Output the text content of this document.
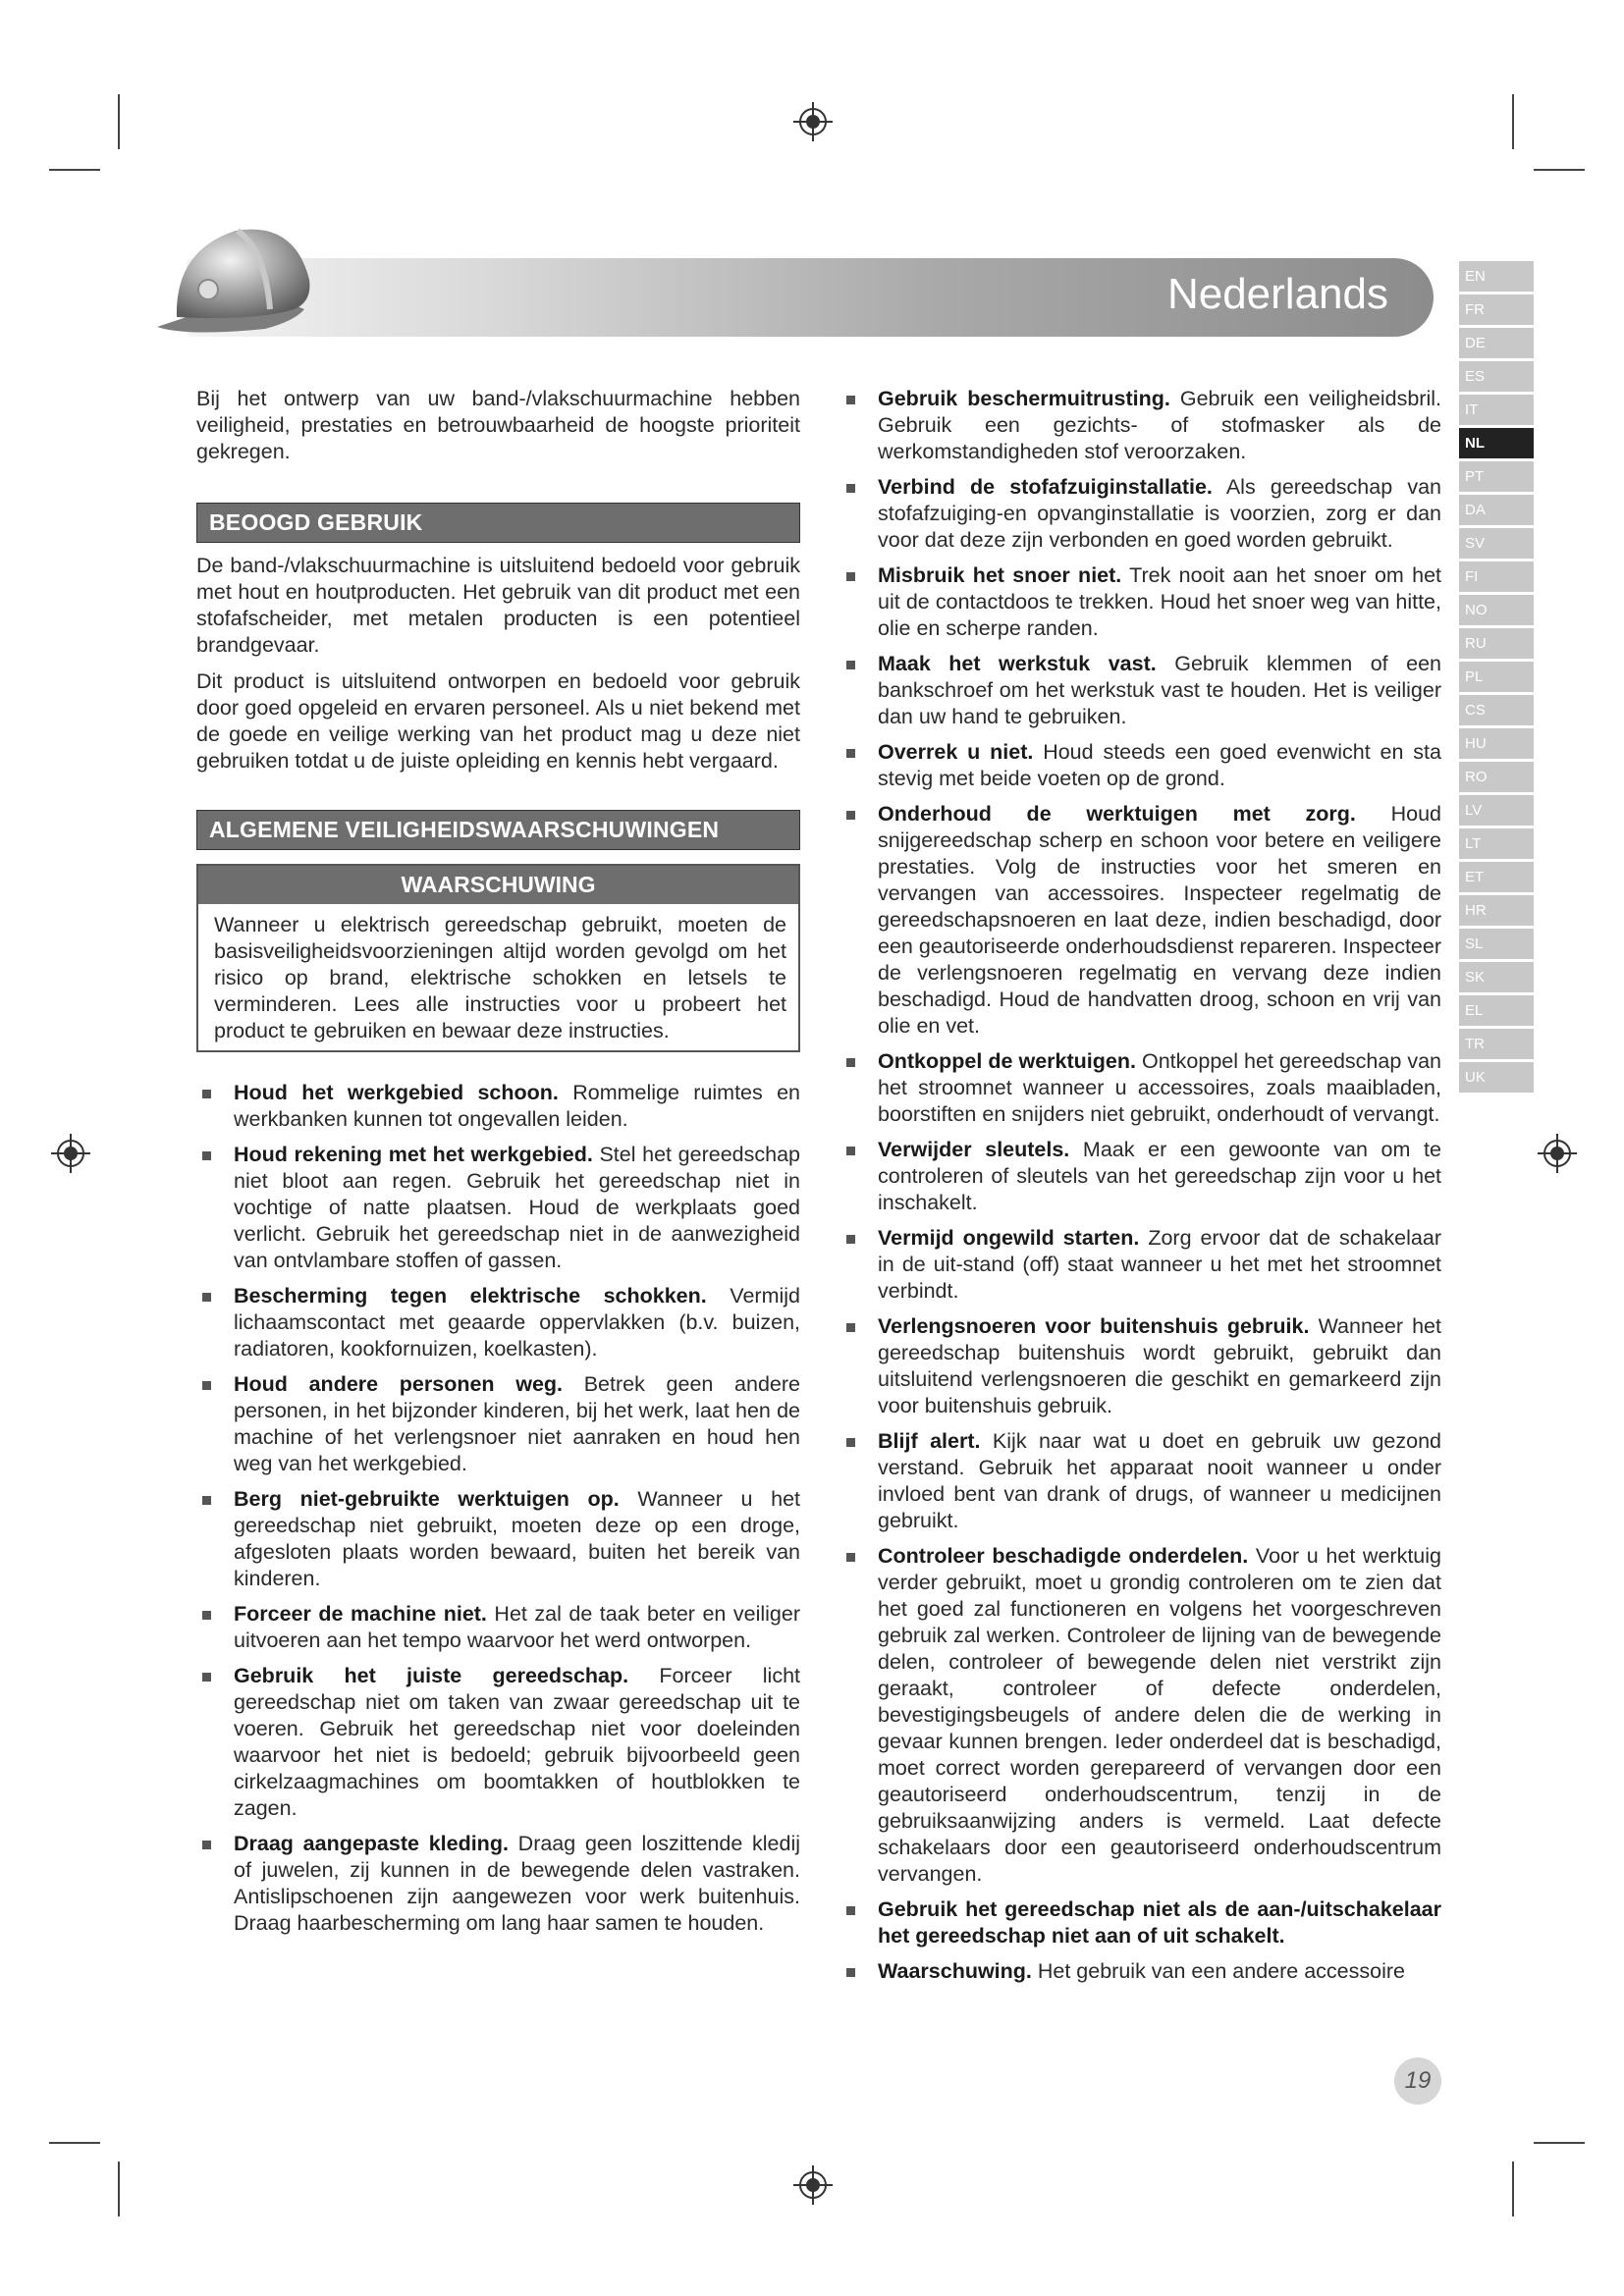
Nederlands	EN
FR
DE
ES
IT
NL
PT
DA
SV
FI
NO
RU
PL
CS
HU
RO
LV
LT
ET
HR
SL
SK
EL
TR
UK

Bij het ontwerp van uw band-/vlakschuurmachine hebben veiligheid, prestaties en betrouwbaarheid de hoogste prioriteit gekregen.

BEOOGD GEBRUIK

De band-/vlakschuurmachine is uitsluitend bedoeld voor gebruik met hout en houtproducten. Het gebruik van dit product met een stofafscheider, met metalen producten is een potentieel brandgevaar.

Dit product is uitsluitend ontworpen en bedoeld voor gebruik door goed opgeleid en ervaren personeel. Als u niet bekend met de goede en veilige werking van het product mag u deze niet gebruiken totdat u de juiste opleiding en kennis hebt vergaard.

ALGEMENE VEILIGHEIDSWAARSCHUWINGEN
WAARSCHUWING
Wanneer u elektrisch gereedschap gebruikt, moeten de basisveiligheidsvoorzieningen altijd worden gevolgd om het risico op brand, elektrische schokken en letsels te verminderen. Lees alle instructies voor u probeert het product te gebruiken en bewaar deze instructies.
Houd het werkgebied schoon. Rommelige ruimtes en werkbanken kunnen tot ongevallen leiden.
Houd rekening met het werkgebied. Stel het gereedschap niet bloot aan regen. Gebruik het gereedschap niet in vochtige of natte plaatsen. Houd de werkplaats goed verlicht. Gebruik het gereedschap niet in de aanwezigheid van ontvlambare stoffen of gassen.
Bescherming tegen elektrische schokken. Vermijd lichaamscontact met geaarde oppervlakken (b.v. buizen, radiatoren, kookfornuizen, koelkasten).
Houd andere personen weg. Betrek geen andere personen, in het bijzonder kinderen, bij het werk, laat hen de machine of het verlengsnoer niet aanraken en houd hen weg van het werkgebied.
Berg niet-gebruikte werktuigen op. Wanneer u het gereedschap niet gebruikt, moeten deze op een droge, afgesloten plaats worden bewaard, buiten het bereik van kinderen.
Forceer de machine niet. Het zal de taak beter en veiliger uitvoeren aan het tempo waarvoor het werd ontworpen.
Gebruik het juiste gereedschap. Forceer licht gereedschap niet om taken van zwaar gereedschap uit te voeren. Gebruik het gereedschap niet voor doeleinden waarvoor het niet is bedoeld; gebruik bijvoorbeeld geen cirkelzaagmachines om boomtakken of houtblokken te zagen.
Draag aangepaste kleding. Draag geen loszittende kledij of juwelen, zij kunnen in de bewegende delen vastraken. Antislipschoenen zijn aangewezen voor werk buitenhuis. Draag haarbescherming om lang haar samen te houden.
Gebruik beschermuitrusting. Gebruik een veiligheidsbril. Gebruik een gezichts- of stofmasker als de werkomstandigheden stof veroorzaken.
Verbind de stofafzuiginstallatie. Als gereedschap van stofafzuiging-en opvanginstallatie is voorzien, zorg er dan voor dat deze zijn verbonden en goed worden gebruikt.
Misbruik het snoer niet. Trek nooit aan het snoer om het uit de contactdoos te trekken. Houd het snoer weg van hitte, olie en scherpe randen.
Maak het werkstuk vast. Gebruik klemmen of een bankschroef om het werkstuk vast te houden. Het is veiliger dan uw hand te gebruiken.
Overrek u niet. Houd steeds een goed evenwicht en sta stevig met beide voeten op de grond.
Onderhoud de werktuigen met zorg. Houd snijgereedschap scherp en schoon voor betere en veiligere prestaties. Volg de instructies voor het smeren en vervangen van accessoires. Inspecteer regelmatig de gereedschapsnoeren en laat deze, indien beschadigd, door een geautoriseerde onderhoudsdienst repareren. Inspecteer de verlengsnoeren regelmatig en vervang deze indien beschadigd. Houd de handvatten droog, schoon en vrij van olie en vet.
Ontkoppel de werktuigen. Ontkoppel het gereedschap van het stroomnet wanneer u accessoires, zoals maaibladen, boorstiften en snijders niet gebruikt, onderhoudt of vervangt.
Verwijder sleutels. Maak er een gewoonte van om te controleren of sleutels van het gereedschap zijn voor u het inschakelt.
Vermijd ongewild starten. Zorg ervoor dat de schakelaar in de uit-stand (off) staat wanneer u het met het stroomnet verbindt.
Verlengsnoeren voor buitenshuis gebruik. Wanneer het gereedschap buitenshuis wordt gebruikt, gebruikt dan uitsluitend verlengsnoeren die geschikt en gemarkeerd zijn voor buitenshuis gebruik.
Blijf alert. Kijk naar wat u doet en gebruik uw gezond verstand. Gebruik het apparaat nooit wanneer u onder invloed bent van drank of drugs, of wanneer u medicijnen gebruikt.
Controleer beschadigde onderdelen. Voor u het werktuig verder gebruikt, moet u grondig controleren om te zien dat het goed zal functioneren en volgens het voorgeschreven gebruik zal werken. Controleer de lijning van de bewegende delen, controleer of bewegende delen niet verstrikt zijn geraakt, controleer of defecte onderdelen, bevestigingsbeugels of andere delen die de werking in gevaar kunnen brengen. Ieder onderdeel dat is beschadigd, moet correct worden gerepareerd of vervangen door een geautoriseerd onderhoudscentrum, tenzij in de gebruiksaanwijzing anders is vermeld. Laat defecte schakelaars door een geautoriseerd onderhoudscentrum vervangen.
Gebruik het gereedschap niet als de aan-/uitschakelaar het gereedschap niet aan of uit schakelt.
Waarschuwing. Het gebruik van een andere accessoire
19
